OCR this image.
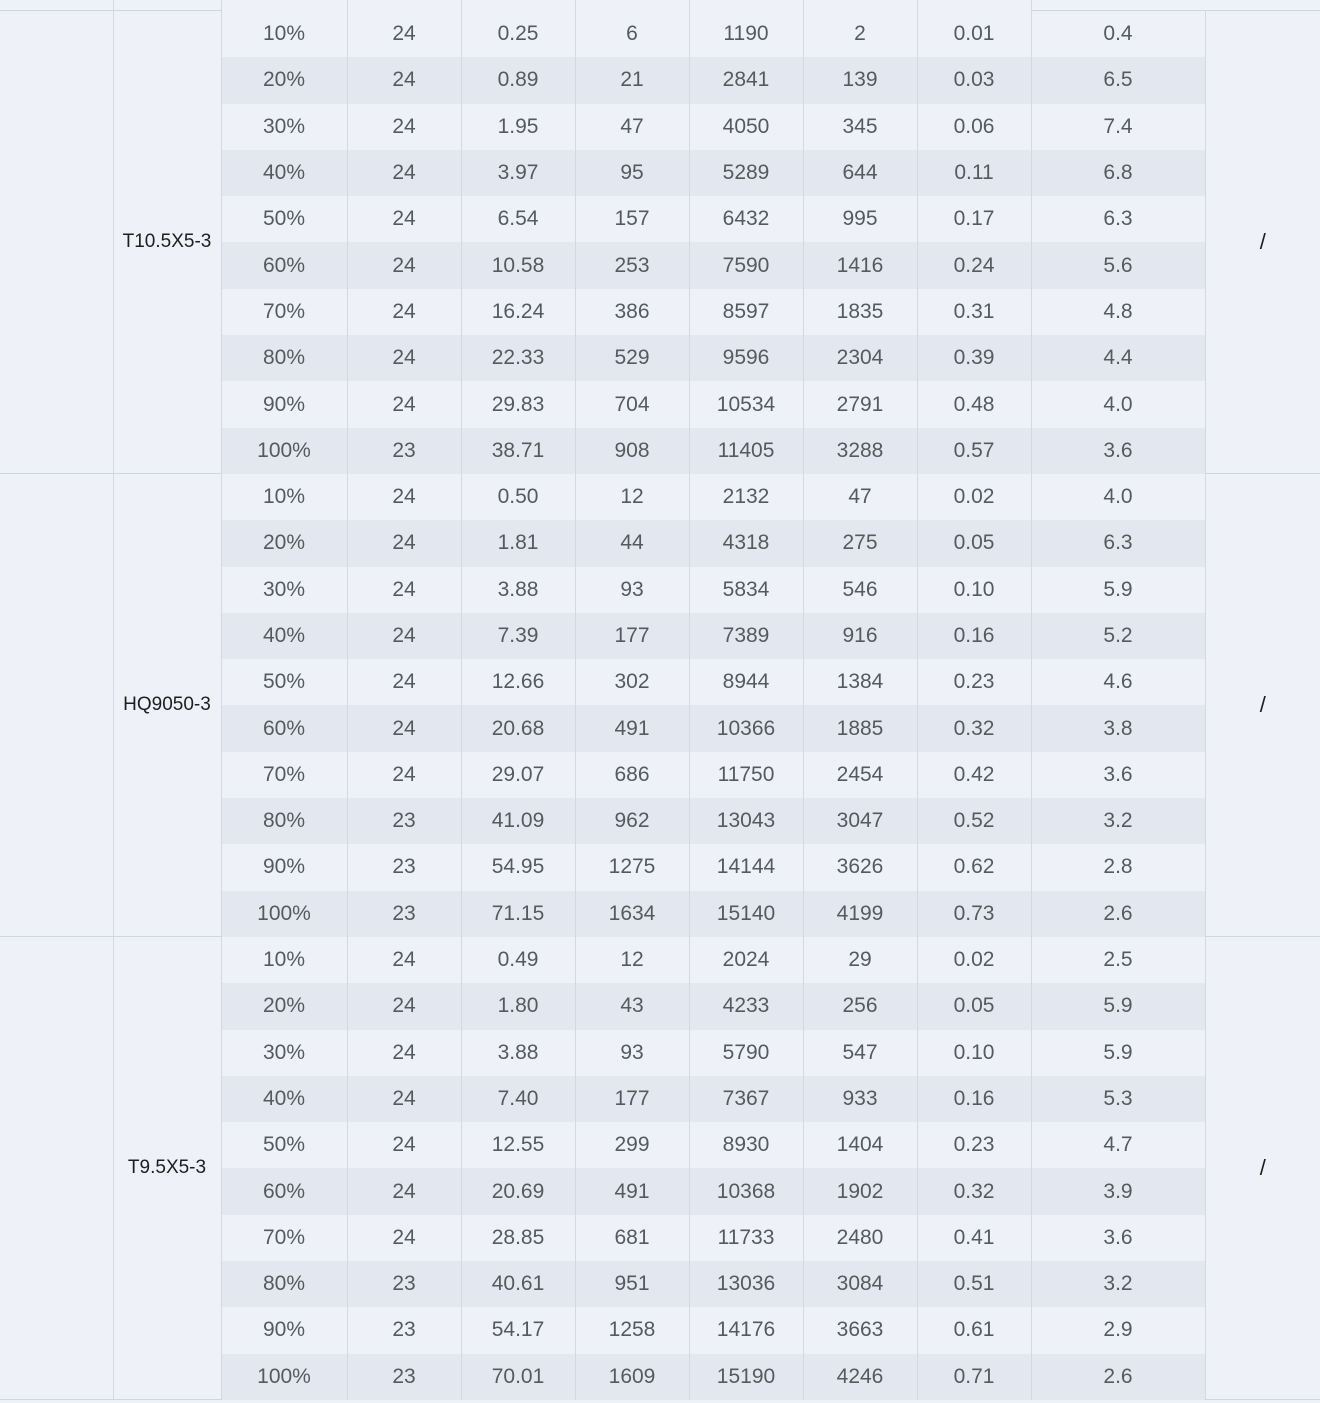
	T10.5X5-3	10%	24	0.25	6	1190	2	0.01	0.4	/
		20%	24	0.89	21	2841	139	0.03	6.5	
		30%	24	1.95	47	4050	345	0.06	7.4	
		40%	24	3.97	95	5289	644	0.11	6.8	
		50%	24	6.54	157	6432	995	0.17	6.3	
		60%	24	10.58	253	7590	1416	0.24	5.6	
		70%	24	16.24	386	8597	1835	0.31	4.8	
		80%	24	22.33	529	9596	2304	0.39	4.4	
		90%	24	29.83	704	10534	2791	0.48	4.0	
		100%	23	38.71	908	11405	3288	0.57	3.6	
	HQ9050-3	10%	24	0.50	12	2132	47	0.02	4.0	/
		20%	24	1.81	44	4318	275	0.05	6.3	
		30%	24	3.88	93	5834	546	0.10	5.9	
		40%	24	7.39	177	7389	916	0.16	5.2	
		50%	24	12.66	302	8944	1384	0.23	4.6	
		60%	24	20.68	491	10366	1885	0.32	3.8	
		70%	24	29.07	686	11750	2454	0.42	3.6	
		80%	23	41.09	962	13043	3047	0.52	3.2	
		90%	23	54.95	1275	14144	3626	0.62	2.8	
		100%	23	71.15	1634	15140	4199	0.73	2.6	
	T9.5X5-3	10%	24	0.49	12	2024	29	0.02	2.5	/
		20%	24	1.80	43	4233	256	0.05	5.9	
		30%	24	3.88	93	5790	547	0.10	5.9	
		40%	24	7.40	177	7367	933	0.16	5.3	
		50%	24	12.55	299	8930	1404	0.23	4.7	
		60%	24	20.69	491	10368	1902	0.32	3.9	
		70%	24	28.85	681	11733	2480	0.41	3.6	
		80%	23	40.61	951	13036	3084	0.51	3.2	
		90%	23	54.17	1258	14176	3663	0.61	2.9	
		100%	23	70.01	1609	15190	4246	0.71	2.6	
